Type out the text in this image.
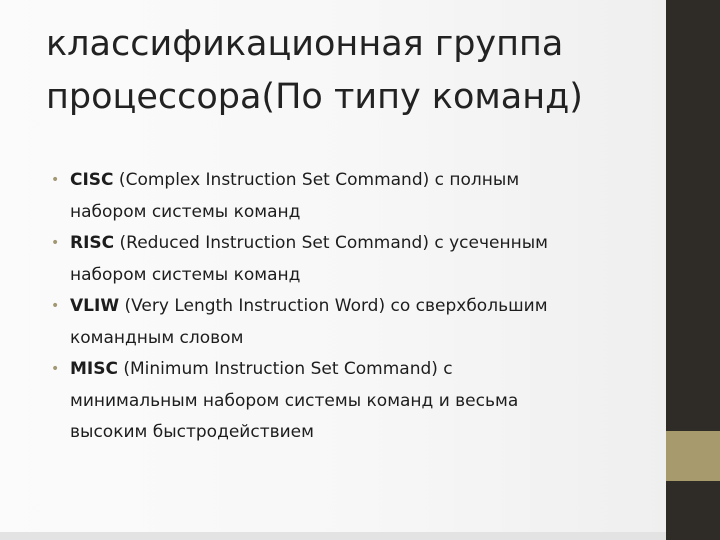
классификационная группа
процессора(По типу команд)
• CISC (Complex Instruction Set Command) с полным
набором системы команд
• RISC (Reduced Instruction Set Command) с усеченным
набором системы команд
• VLIW (Very Length Instruction Word) со сверхбольшим
командным словом
• MISC (Minimum Instruction Set Command) с
минимальным набором системы команд и весьма
высоким быстродействием
